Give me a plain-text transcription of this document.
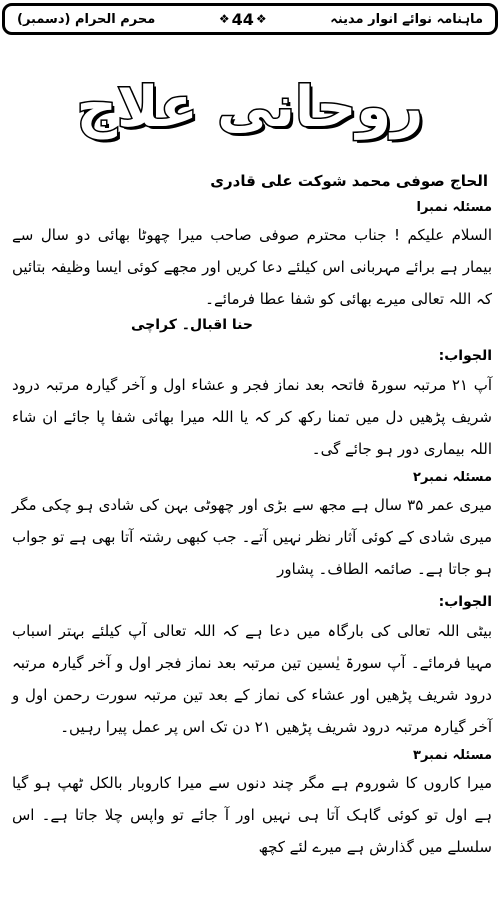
ماہنامہ نوائے انوار مدینہ
❖ 44 ❖
محرم الحرام (دسمبر)
روحانی علاج
الحاج صوفی محمد شوکت علی قادری
مسئلہ نمبرا
السلام علیکم ! جناب محترم صوفی صاحب میرا چھوٹا بھائی دو سال سے بیمار ہے برائے مہربانی اس کیلئے دعا کریں اور مجھے کوئی ایسا وظیفہ بتائیں کہ اللہ تعالی میرے بھائی کو شفا عطا فرمائے۔
حنا اقبال۔ کراچی
الجواب:
آپ ۲۱ مرتبہ سورۃ فاتحہ بعد نماز فجر و عشاء اول و آخر گیارہ مرتبہ درود شریف پڑھیں دل میں تمنا رکھ کر کہ یا اللہ میرا بھائی شفا پا جائے ان شاء اللہ بیماری دور ہو جائے گی۔
مسئلہ نمبر۲
میری عمر ۳۵ سال ہے مجھ سے بڑی اور چھوٹی بہن کی شادی ہو چکی مگر میری شادی کے کوئی آثار نظر نہیں آتے۔ جب کبھی رشتہ آتا بھی ہے تو جواب ہو جاتا ہے۔ صائمہ الطاف۔ پشاور
الجواب:
بیٹی اللہ تعالی کی بارگاہ میں دعا ہے کہ اللہ تعالی آپ کیلئے بہتر اسباب مہیا فرمائے۔ آپ سورۃ یٰسین تین مرتبہ بعد نماز فجر اول و آخر گیارہ مرتبہ درود شریف پڑھیں اور عشاء کی نماز کے بعد تین مرتبہ سورت رحمن اول و آخر گیارہ مرتبہ درود شریف پڑھیں ۲۱ دن تک اس پر عمل پیرا رہیں۔
مسئلہ نمبر۳
میرا کاروں کا شوروم ہے مگر چند دنوں سے میرا کاروبار بالکل ٹھپ ہو گیا ہے اول تو کوئی گاہک آتا ہی نہیں اور آ جائے تو واپس چلا جاتا ہے۔ اس سلسلے میں گذارش ہے میرے لئے کچھ
